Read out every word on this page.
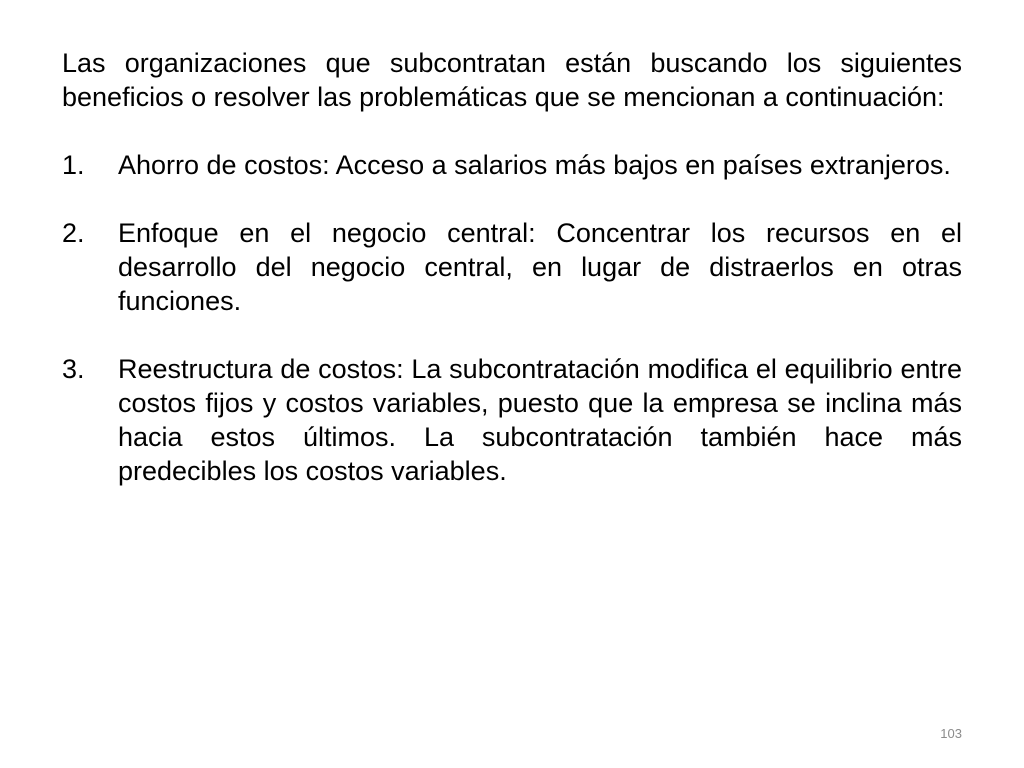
Las organizaciones que subcontratan están buscando los siguientes beneficios o resolver las problemáticas que se mencionan a continuación:

1.	Ahorro de costos: Acceso a salarios más bajos en países extranjeros.
2.	Enfoque en el negocio central: Concentrar los recursos en el desarrollo del negocio central, en lugar de distraerlos en otras funciones.
3.	Reestructura de costos: La subcontratación modifica el equilibrio entre costos fijos y costos variables, puesto que la empresa se inclina más hacia estos últimos. La subcontratación también hace más predecibles los costos variables.
103
